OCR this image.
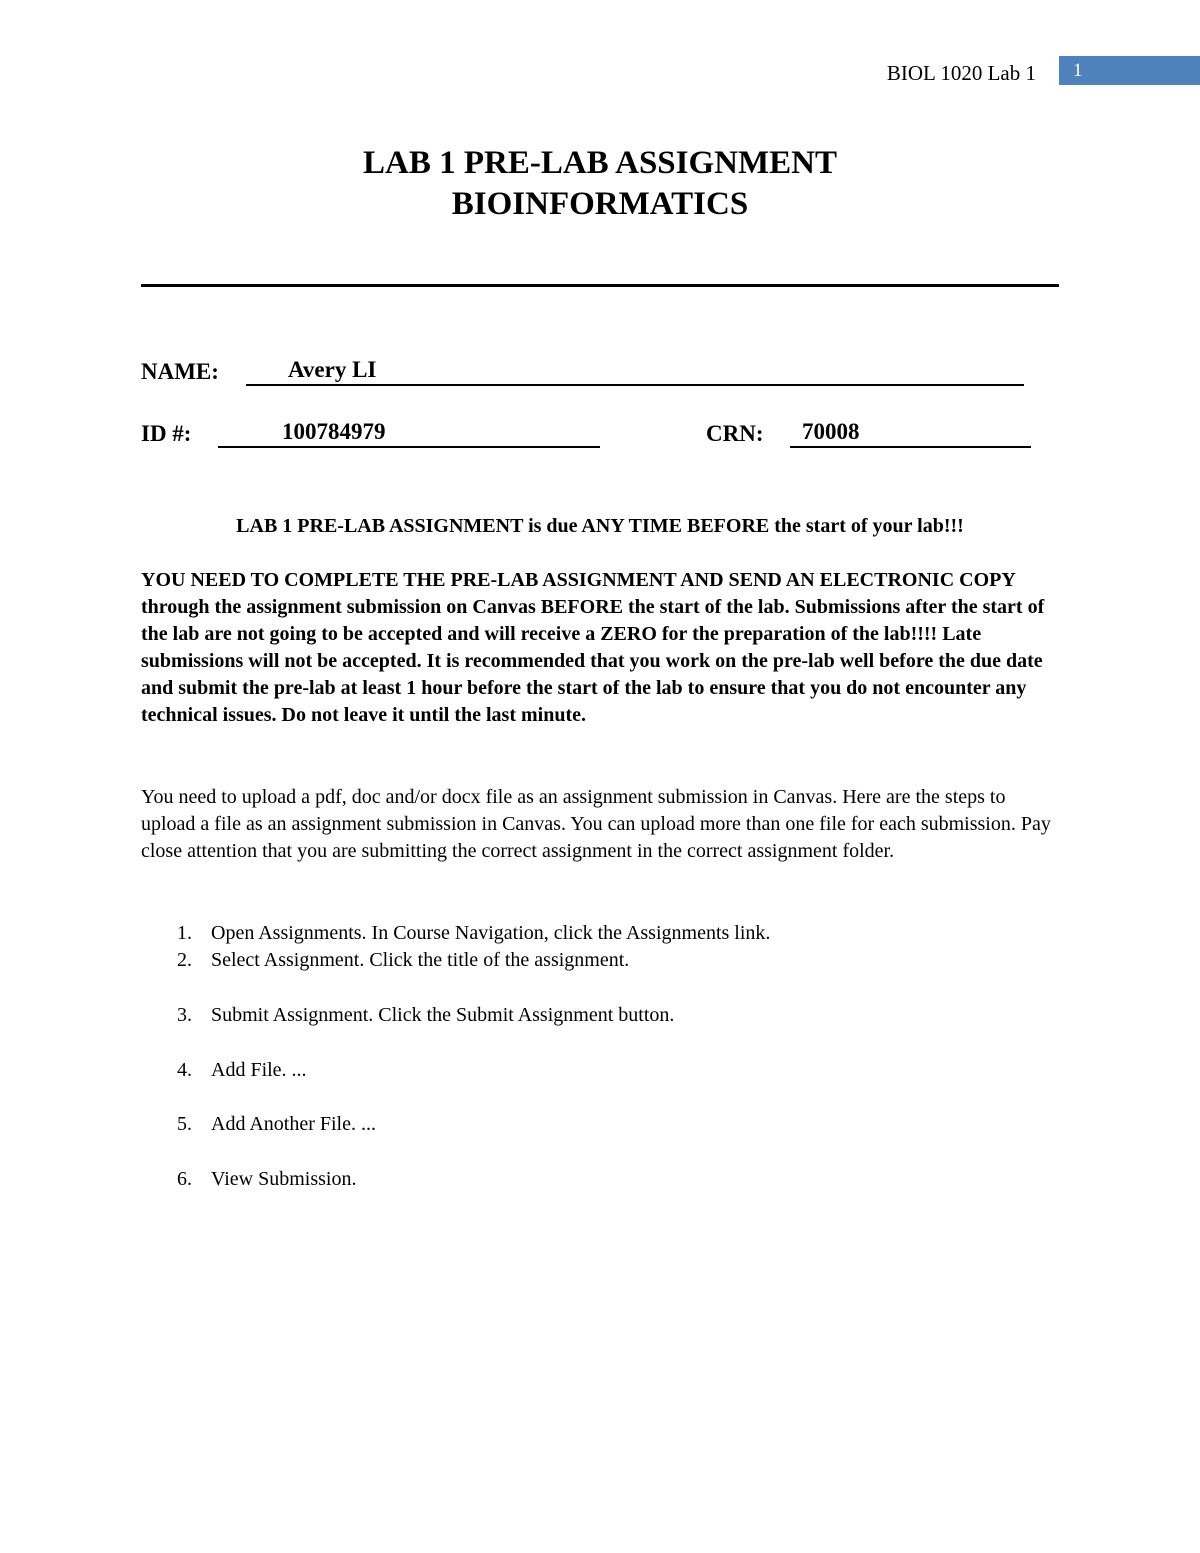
BIOL 1020 Lab 1	1
LAB 1 PRE-LAB ASSIGNMENT
BIOINFORMATICS
NAME:	Avery LI
ID #:	100784979	CRN:	70008
LAB 1 PRE-LAB ASSIGNMENT is due ANY TIME BEFORE the start of your lab!!!
YOU NEED TO COMPLETE THE PRE-LAB ASSIGNMENT AND SEND AN ELECTRONIC COPY through the assignment submission on Canvas BEFORE the start of the lab. Submissions after the start of the lab are not going to be accepted and will receive a ZERO for the preparation of the lab!!!! Late submissions will not be accepted. It is recommended that you work on the pre-lab well before the due date and submit the pre-lab at least 1 hour before the start of the lab to ensure that you do not encounter any technical issues. Do not leave it until the last minute.
You need to upload a pdf, doc and/or docx file as an assignment submission in Canvas. Here are the steps to upload a file as an assignment submission in Canvas. You can upload more than one file for each submission. Pay close attention that you are submitting the correct assignment in the correct assignment folder.
1. Open Assignments. In Course Navigation, click the Assignments link.
2. Select Assignment. Click the title of the assignment.
3. Submit Assignment. Click the Submit Assignment button.
4. Add File. ...
5. Add Another File. ...
6. View Submission.
